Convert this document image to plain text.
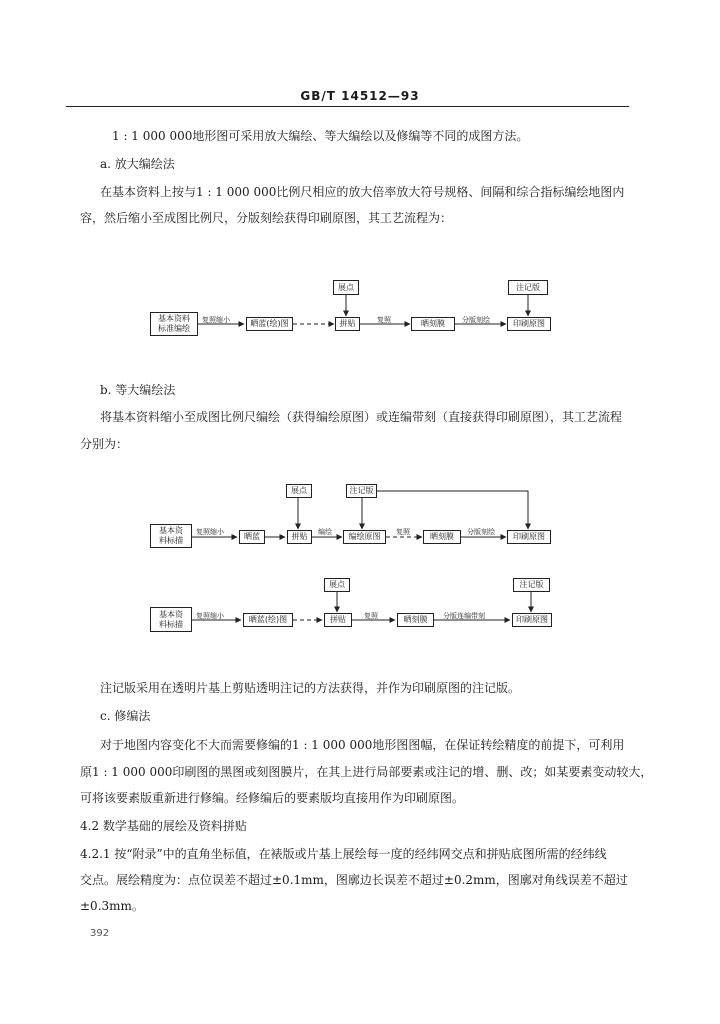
GB/T 14512—93
1 : 1 000 000地形图可采用放大编绘、等大编绘以及修编等不同的成图方法。
a. 放大编绘法
在基本资料上按与1 : 1 000 000比例尺相应的放大倍率放大符号规格、间隔和综合指标编绘地图内
容，然后缩小至成图比例尺，分版刻绘获得印刷原图，其工艺流程为：
基本资料
标准编绘
晒蓝(绘)图
展点
拼贴	晒刻膜
注记版
印刷原图
复照缩小	复照	分版刻绘
b. 等大编绘法
将基本资料缩小至成图比例尺编绘（获得编绘原图）或连编带刻（直接获得印刷原图），其工艺流程
分别为：
基本资
料标描	晒蓝
展点
拼贴
注记版
编绘原图	晒刻膜	印刷原图
复照缩小	编绘	复照	分版刻绘
基本资
料标描	晒蓝(绘)图
展点
拼贴	晒刻膜
注记版
印刷原图
复照缩小	复照	分版连编带刻
注记版采用在透明片基上剪贴透明注记的方法获得，并作为印刷原图的注记版。
c. 修编法
对于地图内容变化不大而需要修编的1 : 1 000 000地形图图幅，在保证转绘精度的前提下，可利用
原1 : 1 000 000印刷图的黑图或刻图膜片，在其上进行局部要素或注记的增、删、改；如某要素变动较大，
可将该要素版重新进行修编。经修编后的要素版均直接用作为印刷原图。
4.2 数学基础的展绘及资料拼贴
4.2.1 按“附录”中的直角坐标值，在裱版或片基上展绘每一度的经纬网交点和拼贴底图所需的经纬线
交点。展绘精度为：点位误差不超过±0.1mm，图廓边长误差不超过±0.2mm，图廓对角线误差不超过
±0.3mm。
392
